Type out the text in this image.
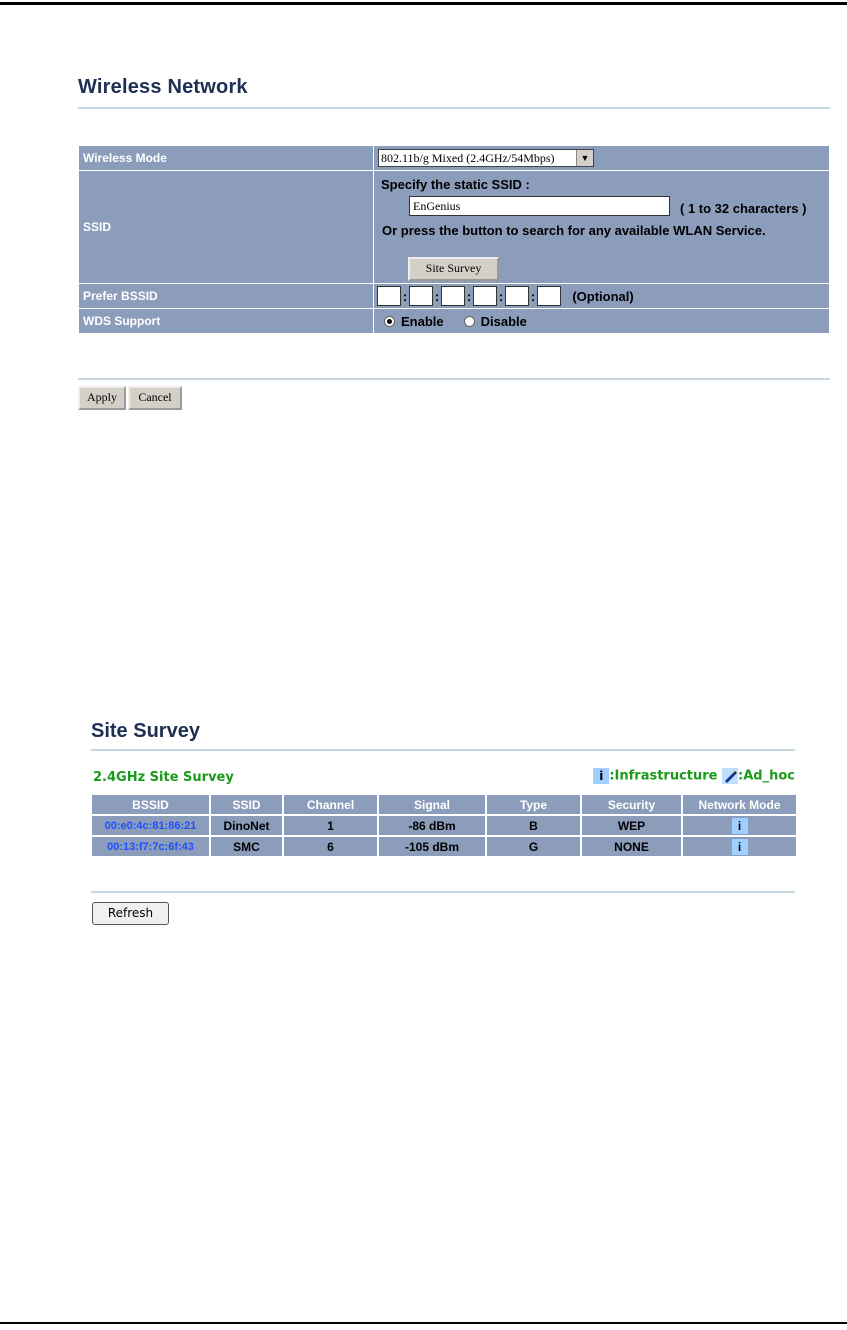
Wireless Network
Wireless Mode	802.11b/g Mixed (2.4GHz/54Mbps) ▼

SSID	Specify the static SSID :
EnGenius
( 1 to 32 characters )
Or press the button to search for any available WLAN Service.
Site Survey

Prefer BSSID	: : : : : (Optional)
WDS Support	Enable Disable
Apply	Cancel
Site Survey
2.4GHz Site Survey	i :Infrastructure :Ad_hoc
BSSID	SSID	Channel	Signal	Type	Security	Network Mode
00:e0:4c:81:86:21	DinoNet	1	-86 dBm	B	WEP	i
00:13:f7:7c:6f:43	SMC	6	-105 dBm	G	NONE	i
Refresh
